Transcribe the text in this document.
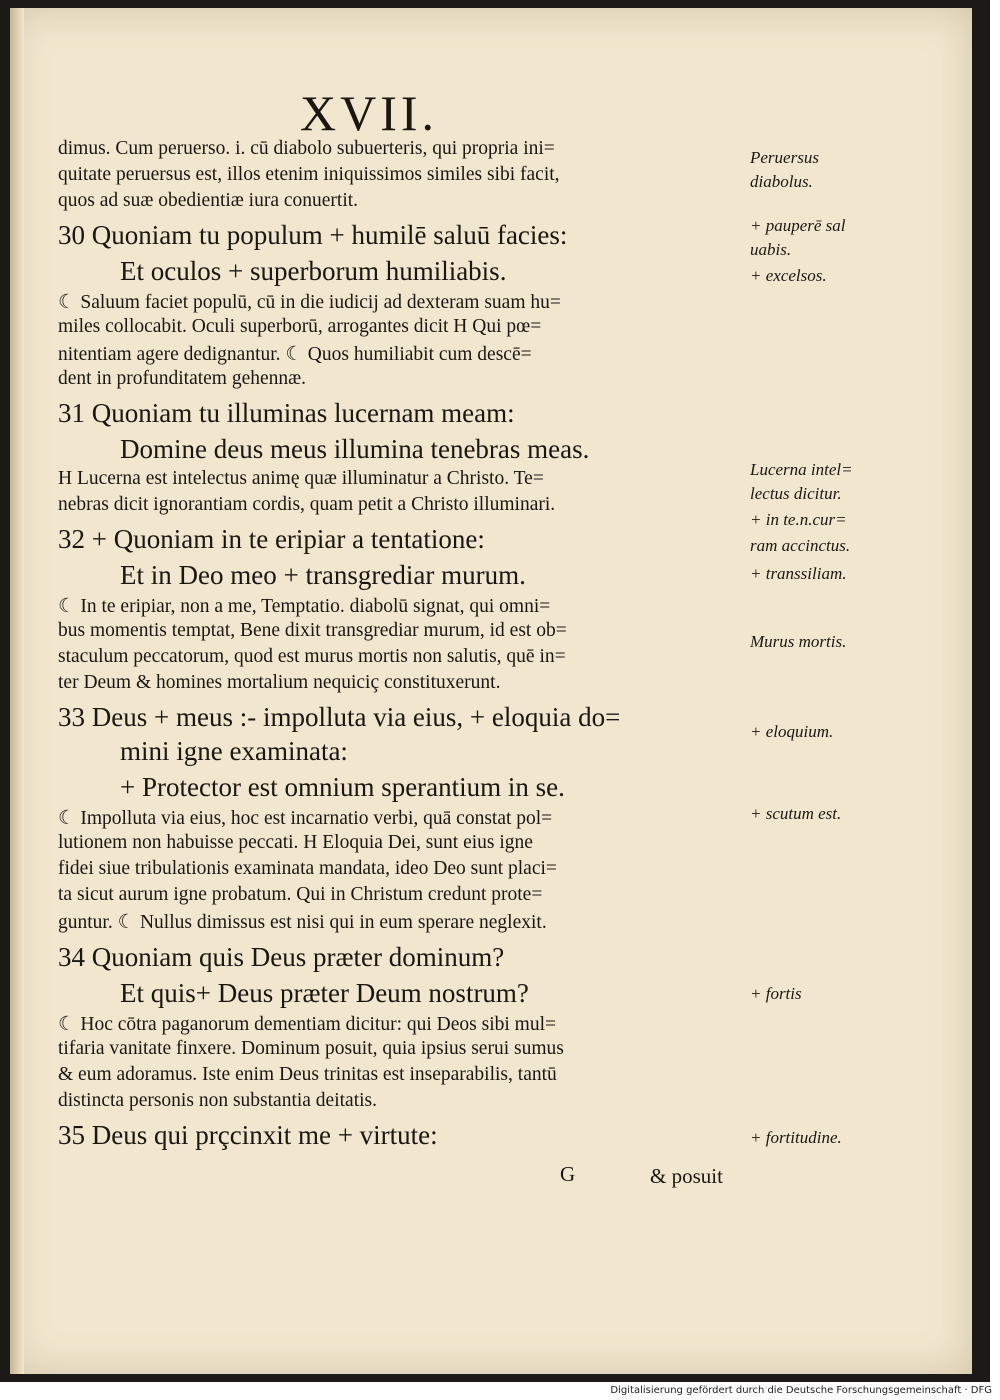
XVII.
dimus. Cum peruerso. i. cū diabolo subuerteris, qui propria ini=
quitate peruersus est, illos etenim iniquissimos similes sibi facit,
quos ad suæ obedientiæ iura conuertit.
30 Quoniam tu populum + humilē saluū facies:
Et oculos + superborum humiliabis.
☾ Saluum faciet populū, cū in die iudicij ad dexteram suam hu=
miles collocabit. Oculi superborū, arrogantes dicit H Qui pœ=
nitentiam agere dedignantur. ☾ Quos humiliabit cum descē=
dent in profunditatem gehennæ.
31 Quoniam tu illuminas lucernam meam:
Domine deus meus illumina tenebras meas.
H Lucerna est intelectus animę quæ illuminatur a Christo. Te=
nebras dicit ignorantiam cordis, quam petit a Christo illuminari.
32 + Quoniam in te eripiar a tentatione:
Et in Deo meo + transgrediar murum.
☾ In te eripiar, non a me, Temptatio. diabolū signat, qui omni=
bus momentis temptat, Bene dixit transgrediar murum, id est ob=
staculum peccatorum, quod est murus mortis non salutis, quē in=
ter Deum & homines mortalium nequiciç constituxerunt.
33 Deus + meus :- impolluta via eius, + eloquia do=
mini igne examinata:
+ Protector est omnium sperantium in se.
☾ Impolluta via eius, hoc est incarnatio verbi, quā constat pol=
lutionem non habuisse peccati. H Eloquia Dei, sunt eius igne
fidei siue tribulationis examinata mandata, ideo Deo sunt placi=
ta sicut aurum igne probatum. Qui in Christum credunt prote=
guntur. ☾ Nullus dimissus est nisi qui in eum sperare neglexit.
34 Quoniam quis Deus præter dominum?
Et quis+ Deus præter Deum nostrum?
☾ Hoc cōtra paganorum dementiam dicitur: qui Deos sibi mul=
tifaria vanitate finxere. Dominum posuit, quia ipsius serui sumus
& eum adoramus. Iste enim Deus trinitas est inseparabilis, tantū
distincta personis non substantia deitatis.
35 Deus qui prçcinxit me + virtute:
Peruersus
diabolus.
+ pauperē sal
uabis.
+ excelsos.
Lucerna intel=
lectus dicitur.
+ in te.n.cur=
ram accinctus.
+ transsiliam.
Murus mortis.
+ eloquium.
+ scutum est.
+ fortis
+ fortitudine.
G	& posuit
Digitalisierung gefördert durch die Deutsche Forschungsgemeinschaft · DFG
